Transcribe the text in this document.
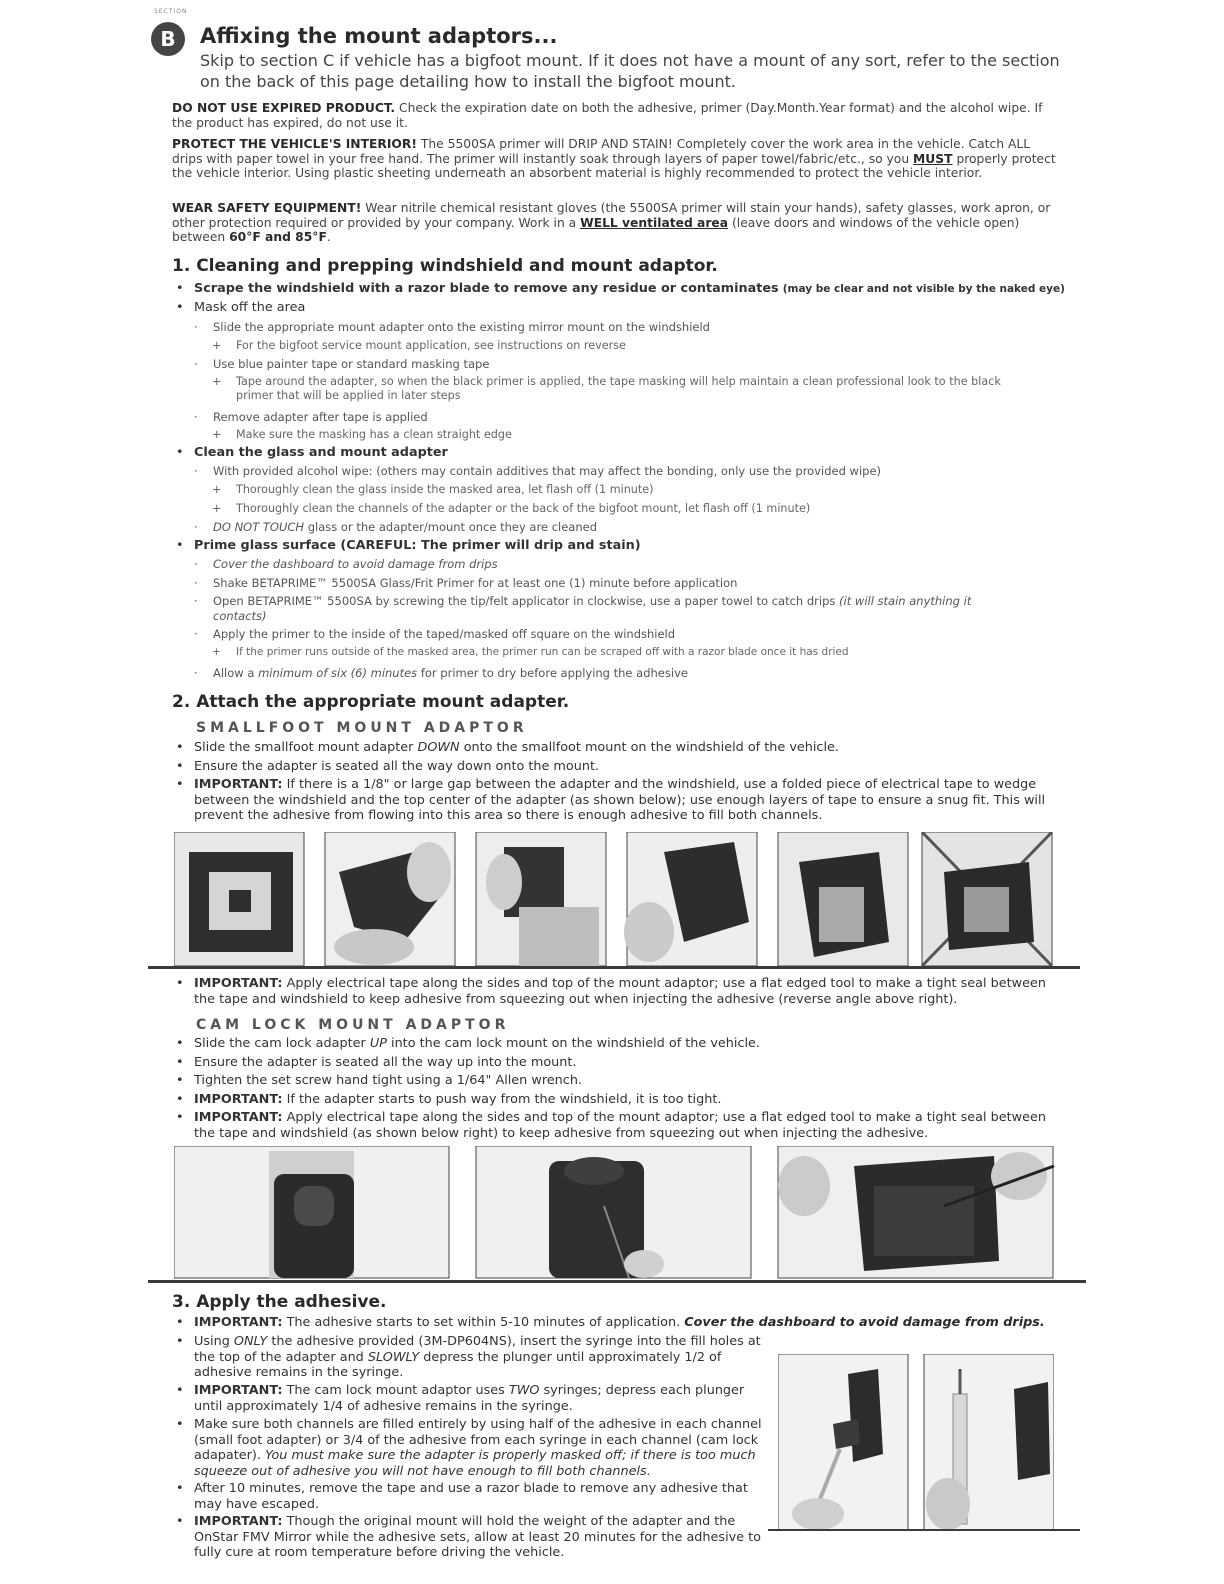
SECTION
B	Affixing the mount adaptors...
Skip to section C if vehicle has a bigfoot mount. If it does not have a mount of any sort, refer to the section on the back of this page detailing how to install the bigfoot mount.
DO NOT USE EXPIRED PRODUCT. Check the expiration date on both the adhesive, primer (Day.Month.Year format) and the alcohol wipe. If the product has expired, do not use it.
PROTECT THE VEHICLE'S INTERIOR! The 5500SA primer will DRIP AND STAIN! Completely cover the work area in the vehicle. Catch ALL drips with paper towel in your free hand. The primer will instantly soak through layers of paper towel/fabric/etc., so you MUST properly protect the vehicle interior. Using plastic sheeting underneath an absorbent material is highly recommended to protect the vehicle interior.
WEAR SAFETY EQUIPMENT! Wear nitrile chemical resistant gloves (the 5500SA primer will stain your hands), safety glasses, work apron, or other protection required or provided by your company. Work in a WELL ventilated area (leave doors and windows of the vehicle open) between 60°F and 85°F.
1. Cleaning and prepping windshield and mount adaptor.
• Scrape the windshield with a razor blade to remove any residue or contaminates (may be clear and not visible by the naked eye)
• Mask off the area
· Slide the appropriate mount adapter onto the existing mirror mount on the windshield
+ For the bigfoot service mount application, see instructions on reverse
· Use blue painter tape or standard masking tape
+ Tape around the adapter, so when the black primer is applied, the tape masking will help maintain a clean professional look to the black primer that will be applied in later steps
· Remove adapter after tape is applied
+ Make sure the masking has a clean straight edge
• Clean the glass and mount adapter
· With provided alcohol wipe: (others may contain additives that may affect the bonding, only use the provided wipe)
+ Thoroughly clean the glass inside the masked area, let flash off (1 minute)
+ Thoroughly clean the channels of the adapter or the back of the bigfoot mount, let flash off (1 minute)
· DO NOT TOUCH glass or the adapter/mount once they are cleaned
• Prime glass surface (CAREFUL: The primer will drip and stain)
· Cover the dashboard to avoid damage from drips
· Shake BETAPRIME™ 5500SA Glass/Frit Primer for at least one (1) minute before application
· Open BETAPRIME™ 5500SA by screwing the tip/felt applicator in clockwise, use a paper towel to catch drips (it will stain anything it contacts)
· Apply the primer to the inside of the taped/masked off square on the windshield
+ If the primer runs outside of the masked area, the primer run can be scraped off with a razor blade once it has dried
· Allow a minimum of six (6) minutes for primer to dry before applying the adhesive
2. Attach the appropriate mount adapter.
SMALLFOOT MOUNT ADAPTOR
• Slide the smallfoot mount adapter DOWN onto the smallfoot mount on the windshield of the vehicle.
• Ensure the adapter is seated all the way down onto the mount.
• IMPORTANT: If there is a 1/8" or large gap between the adapter and the windshield, use a folded piece of electrical tape to wedge between the windshield and the top center of the adapter (as shown below); use enough layers of tape to ensure a snug fit. This will prevent the adhesive from flowing into this area so there is enough adhesive to fill both channels.
• IMPORTANT: Apply electrical tape along the sides and top of the mount adaptor; use a flat edged tool to make a tight seal between the tape and windshield to keep adhesive from squeezing out when injecting the adhesive (reverse angle above right).
CAM LOCK MOUNT ADAPTOR
• Slide the cam lock adapter UP into the cam lock mount on the windshield of the vehicle.
• Ensure the adapter is seated all the way up into the mount.
• Tighten the set screw hand tight using a 1/64" Allen wrench.
• IMPORTANT: If the adapter starts to push way from the windshield, it is too tight.
• IMPORTANT: Apply electrical tape along the sides and top of the mount adaptor; use a flat edged tool to make a tight seal between the tape and windshield (as shown below right) to keep adhesive from squeezing out when injecting the adhesive.
3. Apply the adhesive.
• IMPORTANT: The adhesive starts to set within 5-10 minutes of application. Cover the dashboard to avoid damage from drips.
• Using ONLY the adhesive provided (3M-DP604NS), insert the syringe into the fill holes at the top of the adapter and SLOWLY depress the plunger until approximately 1/2 of adhesive remains in the syringe.
• IMPORTANT: The cam lock mount adaptor uses TWO syringes; depress each plunger until approximately 1/4 of adhesive remains in the syringe.
• Make sure both channels are filled entirely by using half of the adhesive in each channel (small foot adapter) or 3/4 of the adhesive from each syringe in each channel (cam lock adapater). You must make sure the adapter is properly masked off; if there is too much squeeze out of adhesive you will not have enough to fill both channels.
• After 10 minutes, remove the tape and use a razor blade to remove any adhesive that may have escaped.
• IMPORTANT: Though the original mount will hold the weight of the adapter and the OnStar FMV Mirror while the adhesive sets, allow at least 20 minutes for the adhesive to fully cure at room temperature before driving the vehicle.
